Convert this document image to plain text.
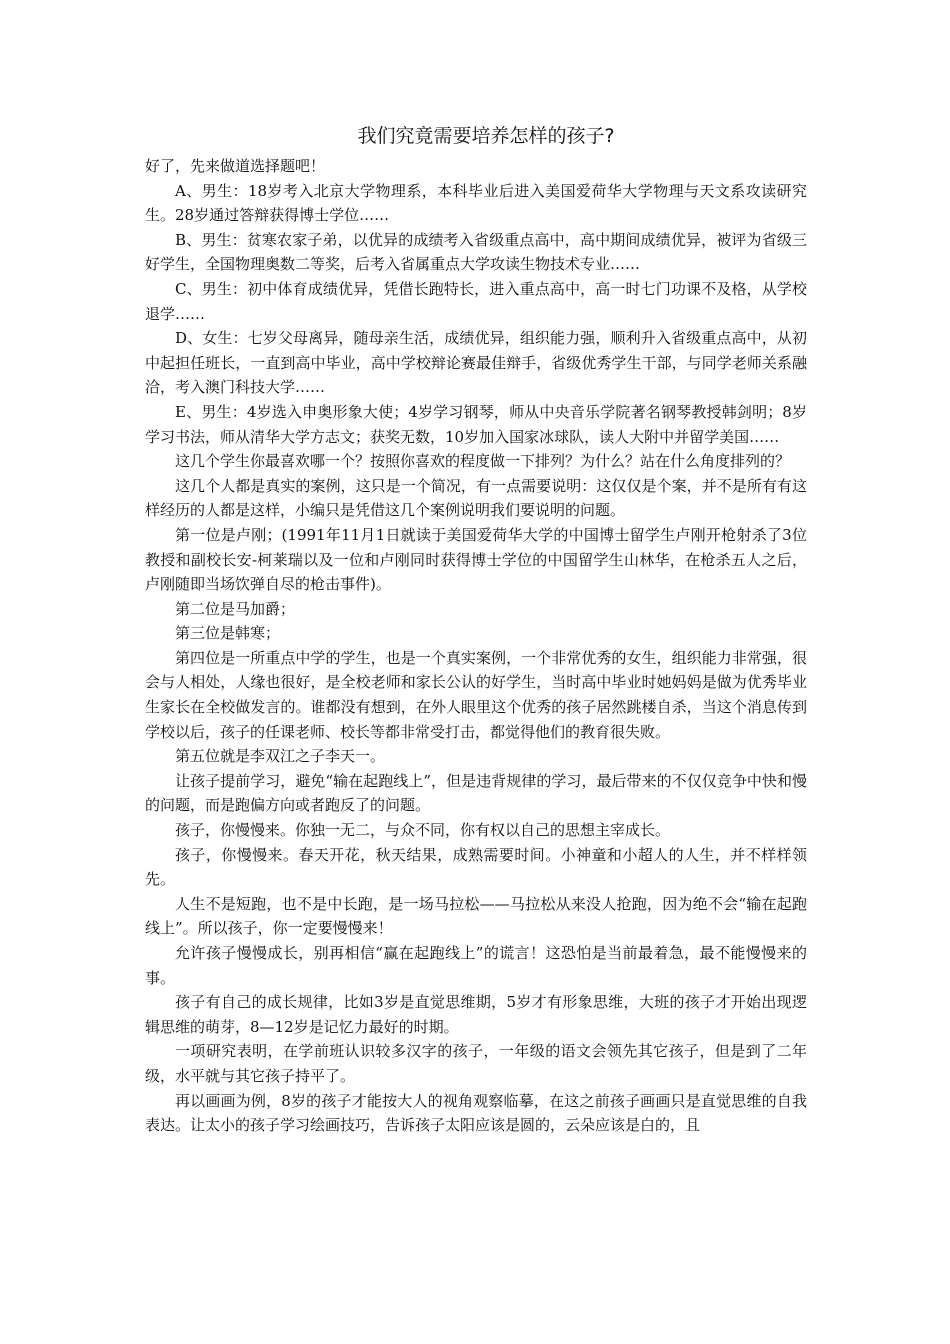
我们究竟需要培养怎样的孩子?

好了，先来做道选择题吧！

A、男生：18岁考入北京大学物理系，本科毕业后进入美国爱荷华大学物理与天文系攻读研究生。28岁通过答辩获得博士学位……

B、男生：贫寒农家子弟，以优异的成绩考入省级重点高中，高中期间成绩优异，被评为省级三好学生，全国物理奥数二等奖，后考入省属重点大学攻读生物技术专业……

C、男生：初中体育成绩优异，凭借长跑特长，进入重点高中，高一时七门功课不及格，从学校退学……

D、女生：七岁父母离异，随母亲生活，成绩优异，组织能力强，顺利升入省级重点高中，从初中起担任班长，一直到高中毕业，高中学校辩论赛最佳辩手，省级优秀学生干部，与同学老师关系融洽，考入澳门科技大学……

E、男生：4岁选入申奥形象大使；4岁学习钢琴，师从中央音乐学院著名钢琴教授韩剑明；8岁学习书法，师从清华大学方志文；获奖无数，10岁加入国家冰球队，读人大附中并留学美国……

这几个学生你最喜欢哪一个？按照你喜欢的程度做一下排列？为什么？站在什么角度排列的？

这几个人都是真实的案例，这只是一个简况，有一点需要说明：这仅仅是个案，并不是所有有这样经历的人都是这样，小编只是凭借这几个案例说明我们要说明的问题。

第一位是卢刚；(1991年11月1日就读于美国爱荷华大学的中国博士留学生卢刚开枪射杀了3位教授和副校长安-柯莱瑞以及一位和卢刚同时获得博士学位的中国留学生山林华，在枪杀五人之后，卢刚随即当场饮弹自尽的枪击事件)。

第二位是马加爵；

第三位是韩寒；

第四位是一所重点中学的学生，也是一个真实案例，一个非常优秀的女生，组织能力非常强，很会与人相处，人缘也很好，是全校老师和家长公认的好学生，当时高中毕业时她妈妈是做为优秀毕业生家长在全校做发言的。谁都没有想到，在外人眼里这个优秀的孩子居然跳楼自杀，当这个消息传到学校以后，孩子的任课老师、校长等都非常受打击，都觉得他们的教育很失败。

第五位就是李双江之子李天一。

让孩子提前学习，避免“输在起跑线上”，但是违背规律的学习，最后带来的不仅仅竞争中快和慢的问题，而是跑偏方向或者跑反了的问题。

孩子，你慢慢来。你独一无二，与众不同，你有权以自己的思想主宰成长。

孩子，你慢慢来。春天开花，秋天结果，成熟需要时间。小神童和小超人的人生，并不样样领先。

人生不是短跑，也不是中长跑，是一场马拉松——马拉松从来没人抢跑，因为绝不会“输在起跑线上”。所以孩子，你一定要慢慢来！

允许孩子慢慢成长，别再相信“赢在起跑线上”的谎言！这恐怕是当前最着急，最不能慢慢来的事。

孩子有自己的成长规律，比如3岁是直觉思维期，5岁才有形象思维，大班的孩子才开始出现逻辑思维的萌芽，8—12岁是记忆力最好的时期。

一项研究表明，在学前班认识较多汉字的孩子，一年级的语文会领先其它孩子，但是到了二年级，水平就与其它孩子持平了。

再以画画为例，8岁的孩子才能按大人的视角观察临摹，在这之前孩子画画只是直觉思维的自我表达。让太小的孩子学习绘画技巧，告诉孩子太阳应该是圆的，云朵应该是白的，且
